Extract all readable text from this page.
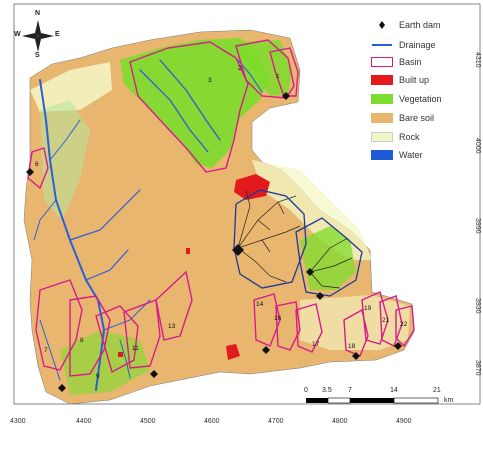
1
2
3
6
7
8
9
11
13
14
16
17	18
19
21
22
N
S
W	E
Earth dam
Drainage
Basin
Built up
Vegetation
Bare soil
Rock
Water
0 3.5 7	14	21
km
4300	4400	4500	4600	4700	4800	4900
4310
4000
3990
3930
3870
